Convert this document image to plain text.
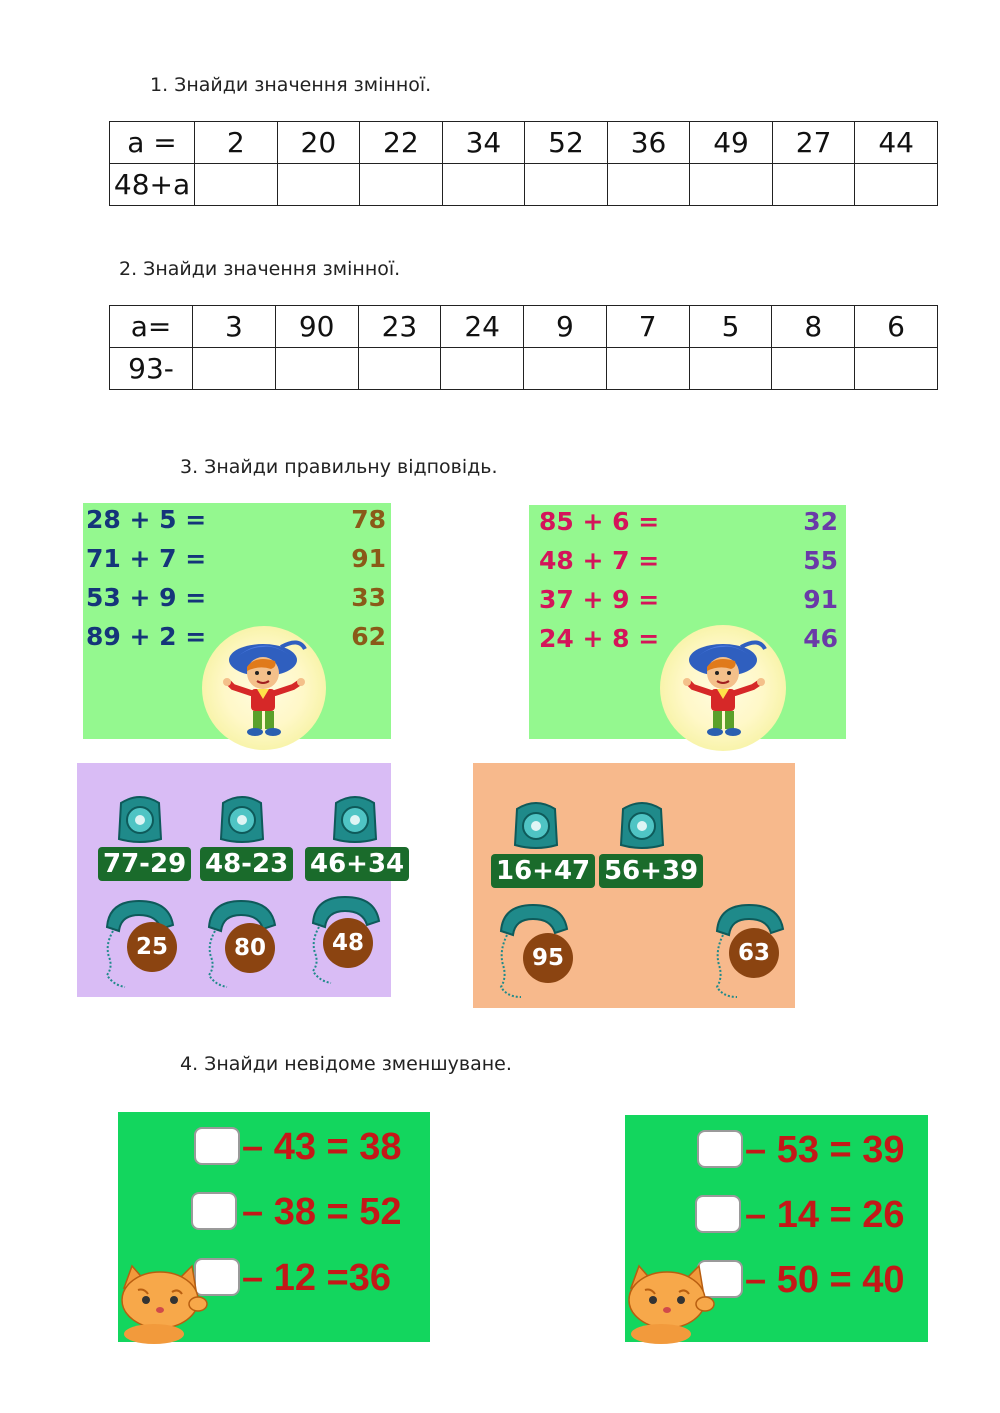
1. Знайди значення змінної.
a =	2	20	22	34	52	36	49	27	44
48+a									
2. Знайди значення змінної.
a=	3	90	23	24	9	7	5	8	6
93-									
3. Знайди правильну відповідь.
28 + 5 =	78
71 + 7 =	91
53 + 9 =	33
89 + 2 =	62
85 + 6 =	32
48 + 7 =	55
37 + 9 =	91
24 + 8 =	46
77-29 48-23 46+34
25	80	48
16+47 56+39
95	63
4. Знайди невідоме зменшуване.
– 43 = 38
– 38 = 52
– 12 =36
– 53 = 39
– 14 = 26
– 50 = 40
